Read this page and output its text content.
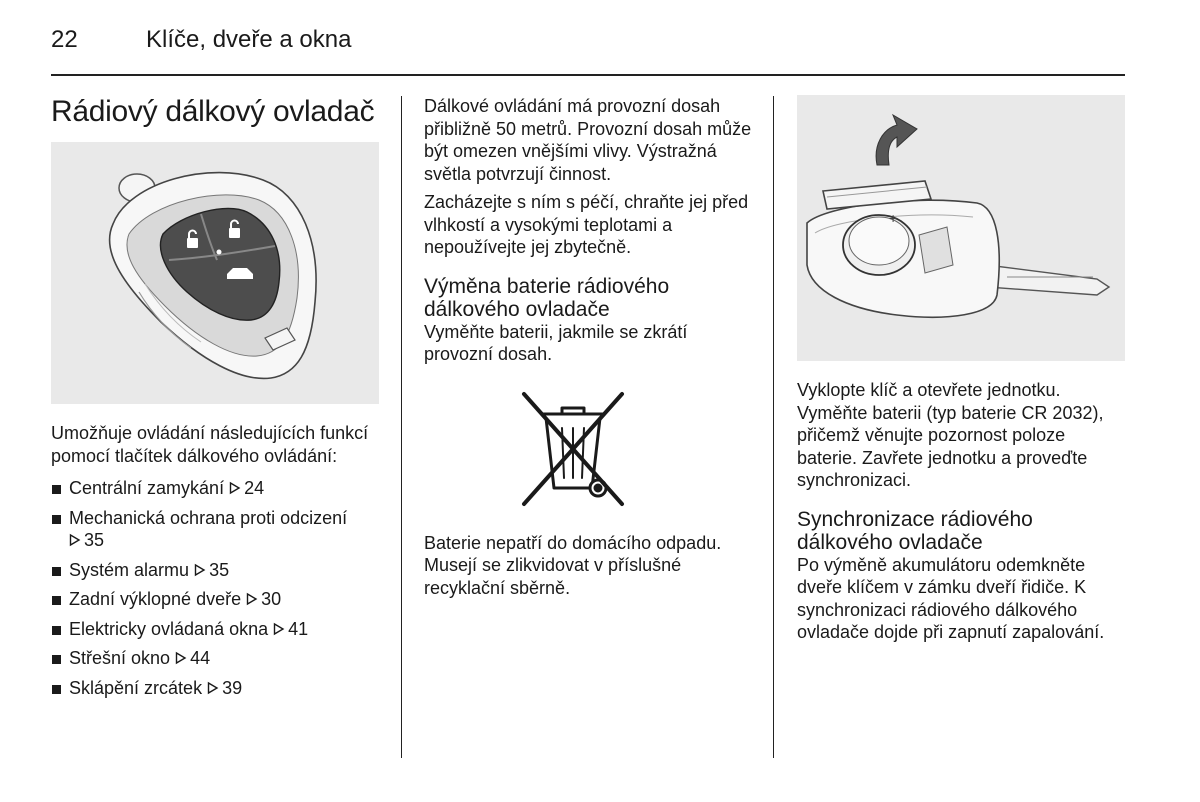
22	Klíče, dveře a okna
Rádiový dálkový ovladač

Umožňuje ovládání následujících funkcí pomocí tlačítek dálkového ovládání:

Centrální zamykání 24
Mechanická ochrana proti odcizení
35
Systém alarmu 35
Zadní výklopné dveře 30
Elektricky ovládaná okna 41
Střešní okno 44
Sklápění zrcátek 39

Dálkové ovládání má provozní dosah přibližně 50 metrů. Provozní dosah může být omezen vnějšími vlivy. Výstražná světla potvrzují činnost.

Zacházejte s ním s péčí, chraňte jej před vlhkostí a vysokými teplotami a nepoužívejte jej zbytečně.

Výměna baterie rádiového dálkového ovladače

Vyměňte baterii, jakmile se zkrátí provozní dosah.

Baterie nepatří do domácího odpadu. Musejí se zlikvidovat v příslušné recyklační sběrně.

+

Vyklopte klíč a otevřete jednotku. Vyměňte baterii (typ baterie CR 2032), přičemž věnujte pozornost poloze baterie. Zavřete jednotku a proveďte synchronizaci.

Synchronizace rádiového dálkového ovladače

Po výměně akumulátoru odemkněte dveře klíčem v zámku dveří řidiče. K synchronizaci rádiového dálkového ovladače dojde při zapnutí zapalování.
